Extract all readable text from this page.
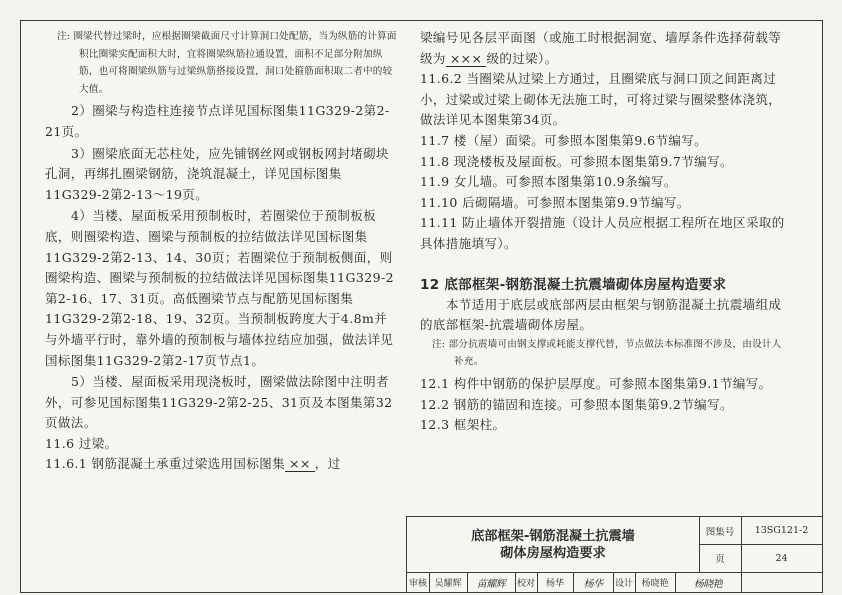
注: 圈梁代替过梁时，应根据圈梁截面尺寸计算洞口处配筋，当为纵筋的计算面积比圈梁实配面积大时，宜将圈梁纵筋拉通设置，面积不足部分附加纵筋，也可将圈梁纵筋与过梁纵筋搭接设置，洞口处箍筋面积取二者中的较大值。

2）圈梁与构造柱连接节点详见国标图集11G329-2第2-21页。

3）圈梁底面无芯柱处，应先铺钢丝网或钢板网封堵砌块孔洞，再绑扎圈梁钢筋，浇筑混凝土，详见国标图集11G329-2第2-13～19页。

4）当楼、屋面板采用预制板时，若圈梁位于预制板板底，则圈梁构造、圈梁与预制板的拉结做法详见国标图集11G329-2第2-13、14、30页；若圈梁位于预制板侧面，则圈梁构造、圈梁与预制板的拉结做法详见国标图集11G329-2第2-16、17、31页。高低圈梁节点与配筋见国标图集11G329-2第2-18、19、32页。当预制板跨度大于4.8m并与外墙平行时，靠外墙的预制板与墙体拉结应加强，做法详见国标图集11G329-2第2-17页节点1。

5）当楼、屋面板采用现浇板时，圈梁做法除图中注明者外，可参见国标图集11G329-2第2-25、31页及本图集第32页做法。

11.6 过梁。

11.6.1 钢筋混凝土承重过梁选用国标图集 ×× ，过

梁编号见各层平面图（或施工时根据洞宽、墙厚条件选择荷载等级为 ××× 级的过梁）。

11.6.2 当圈梁从过梁上方通过，且圈梁底与洞口顶之间距离过小，过梁或过梁上砌体无法施工时，可将过梁与圈梁整体浇筑，做法详见本图集第34页。

11.7 楼（屋）面梁。可参照本图集第9.6节编写。

11.8 现浇楼板及屋面板。可参照本图集第9.7节编写。

11.9 女儿墙。可参照本图集第10.9条编写。

11.10 后砌隔墙。可参照本图集第9.9节编写。

11.11 防止墙体开裂措施（设计人员应根据工程所在地区采取的具体措施填写）。

12 底部框架-钢筋混凝土抗震墙砌体房屋构造要求

本节适用于底层或底部两层由框架与钢筋混凝土抗震墙组成的底部框架-抗震墙砌体房屋。

注: 部分抗震墙可由钢支撑或耗能支撑代替，节点做法本标准图不涉及，由设计人补充。

12.1 构件中钢筋的保护层厚度。可参照本图集第9.1节编写。

12.2 钢筋的锚固和连接。可参照本图集第9.2节编写。

12.3 框架柱。

底部框架-钢筋混凝土抗震墙
砌体房屋构造要求
图集号	13SG121-2
页	24
审核 吴耀辉	苗耀辉	校对	杨华	杨华	设计 杨晓艳	杨晓艳
